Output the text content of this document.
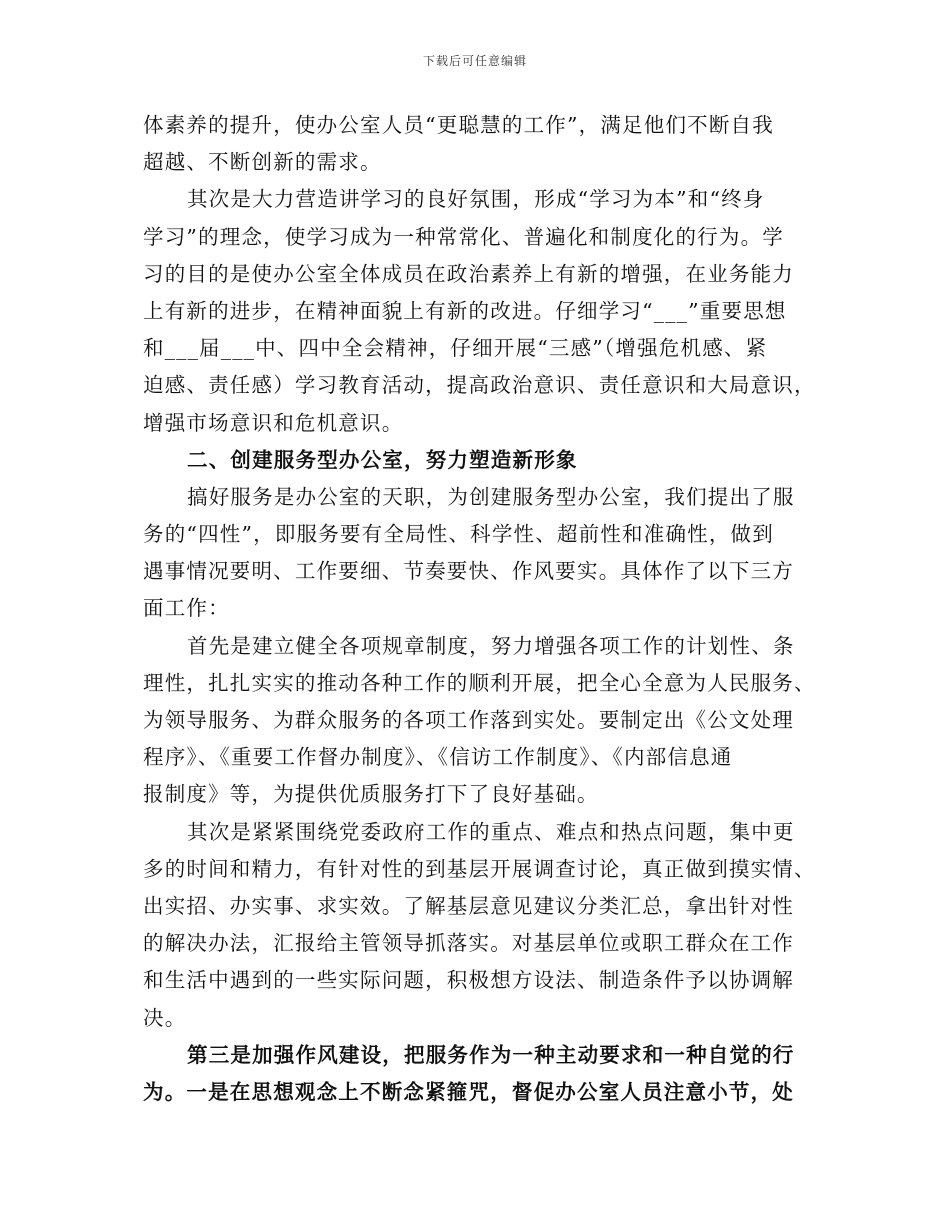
下载后可任意编辑
体素养的提升，使办公室人员“更聪慧的工作”，满足他们不断自我
超越、不断创新的需求。
其次是大力营造讲学习的良好氛围，形成“学习为本”和“终身
学习”的理念，使学习成为一种常常化、普遍化和制度化的行为。学
习的目的是使办公室全体成员在政治素养上有新的增强，在业务能力
上有新的进步，在精神面貌上有新的改进。仔细学习“___”重要思想
和___届___中、四中全会精神，仔细开展“三感”（增强危机感、紧
迫感、责任感）学习教育活动，提高政治意识、责任意识和大局意识，
增强市场意识和危机意识。
二、创建服务型办公室，努力塑造新形象
搞好服务是办公室的天职，为创建服务型办公室，我们提出了服
务的“四性”，即服务要有全局性、科学性、超前性和准确性，做到
遇事情况要明、工作要细、节奏要快、作风要实。具体作了以下三方
面工作：
首先是建立健全各项规章制度，努力增强各项工作的计划性、条
理性，扎扎实实的推动各种工作的顺利开展，把全心全意为人民服务、
为领导服务、为群众服务的各项工作落到实处。要制定出《公文处理
程序》、《重要工作督办制度》、《信访工作制度》、《内部信息通
报制度》等，为提供优质服务打下了良好基础。
其次是紧紧围绕党委政府工作的重点、难点和热点问题，集中更
多的时间和精力，有针对性的到基层开展调查讨论，真正做到摸实情、
出实招、办实事、求实效。了解基层意见建议分类汇总，拿出针对性
的解决办法，汇报给主管领导抓落实。对基层单位或职工群众在工作
和生活中遇到的一些实际问题，积极想方设法、制造条件予以协调解
决。
第三是加强作风建设，把服务作为一种主动要求和一种自觉的行
为。一是在思想观念上不断念紧箍咒，督促办公室人员注意小节，处
